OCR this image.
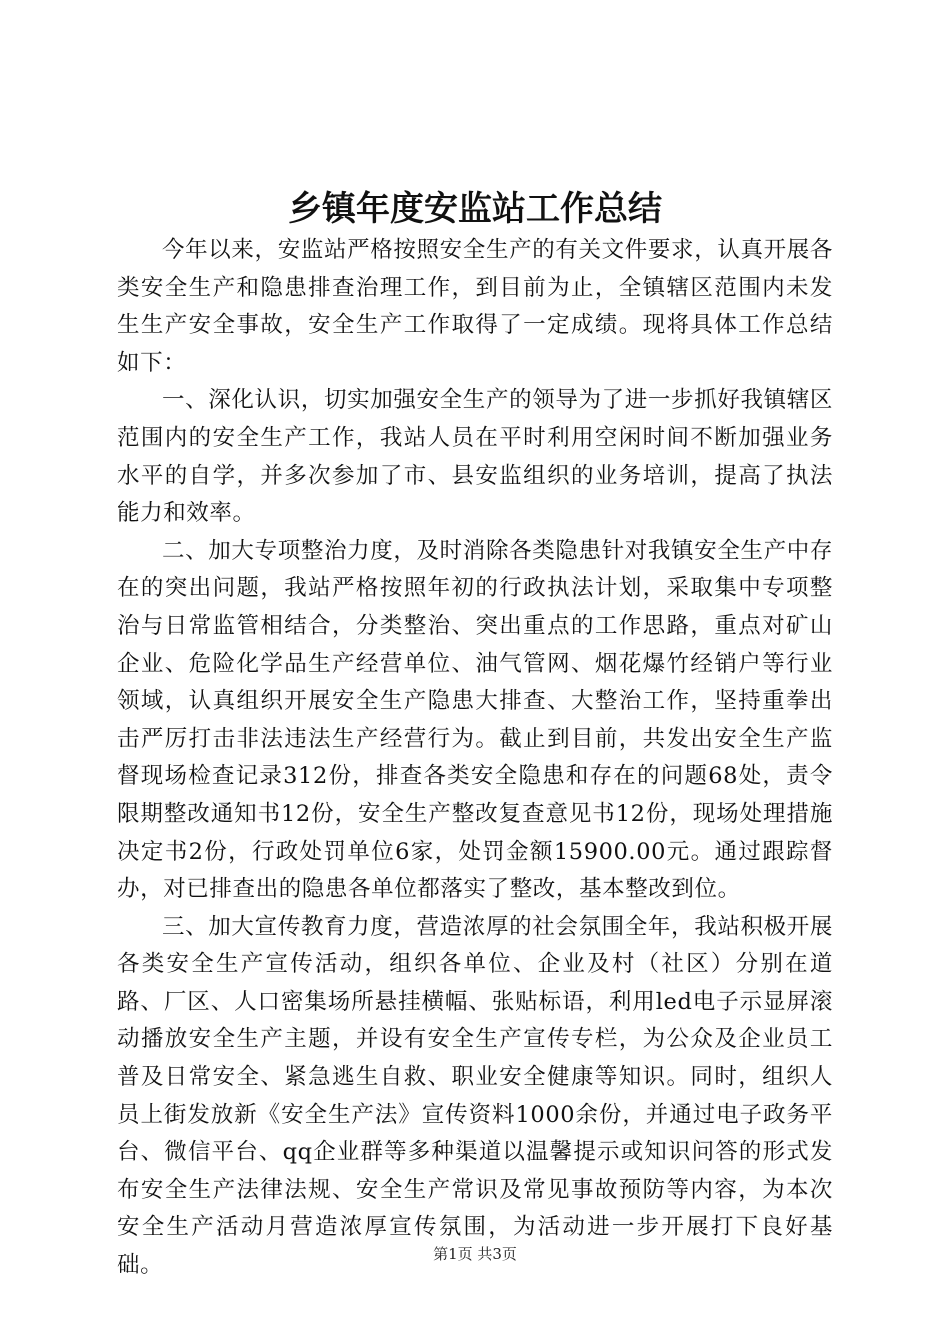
乡镇年度安监站工作总结

今年以来，安监站严格按照安全生产的有关文件要求，认真开展各类安全生产和隐患排查治理工作，到目前为止，全镇辖区范围内未发生生产安全事故，安全生产工作取得了一定成绩。现将具体工作总结如下：

一、深化认识，切实加强安全生产的领导为了进一步抓好我镇辖区范围内的安全生产工作，我站人员在平时利用空闲时间不断加强业务水平的自学，并多次参加了市、县安监组织的业务培训，提高了执法能力和效率。

二、加大专项整治力度，及时消除各类隐患针对我镇安全生产中存在的突出问题，我站严格按照年初的行政执法计划，采取集中专项整治与日常监管相结合，分类整治、突出重点的工作思路，重点对矿山企业、危险化学品生产经营单位、油气管网、烟花爆竹经销户等行业领域，认真组织开展安全生产隐患大排查、大整治工作，坚持重拳出击严厉打击非法违法生产经营行为。截止到目前，共发出安全生产监督现场检查记录312份，排查各类安全隐患和存在的问题68处，责令限期整改通知书12份，安全生产整改复查意见书12份，现场处理措施决定书2份，行政处罚单位6家，处罚金额15900.00元。通过跟踪督办，对已排查出的隐患各单位都落实了整改，基本整改到位。

三、加大宣传教育力度，营造浓厚的社会氛围全年，我站积极开展各类安全生产宣传活动，组织各单位、企业及村（社区）分别在道路、厂区、人口密集场所悬挂横幅、张贴标语，利用led电子示显屏滚动播放安全生产主题，并设有安全生产宣传专栏，为公众及企业员工普及日常安全、紧急逃生自救、职业安全健康等知识。同时，组织人员上街发放新《安全生产法》宣传资料1000余份，并通过电子政务平台、微信平台、qq企业群等多种渠道以温馨提示或知识问答的形式发布安全生产法律法规、安全生产常识及常见事故预防等内容，为本次安全生产活动月营造浓厚宣传氛围，为活动进一步开展打下良好基础。	第1页 共3页
